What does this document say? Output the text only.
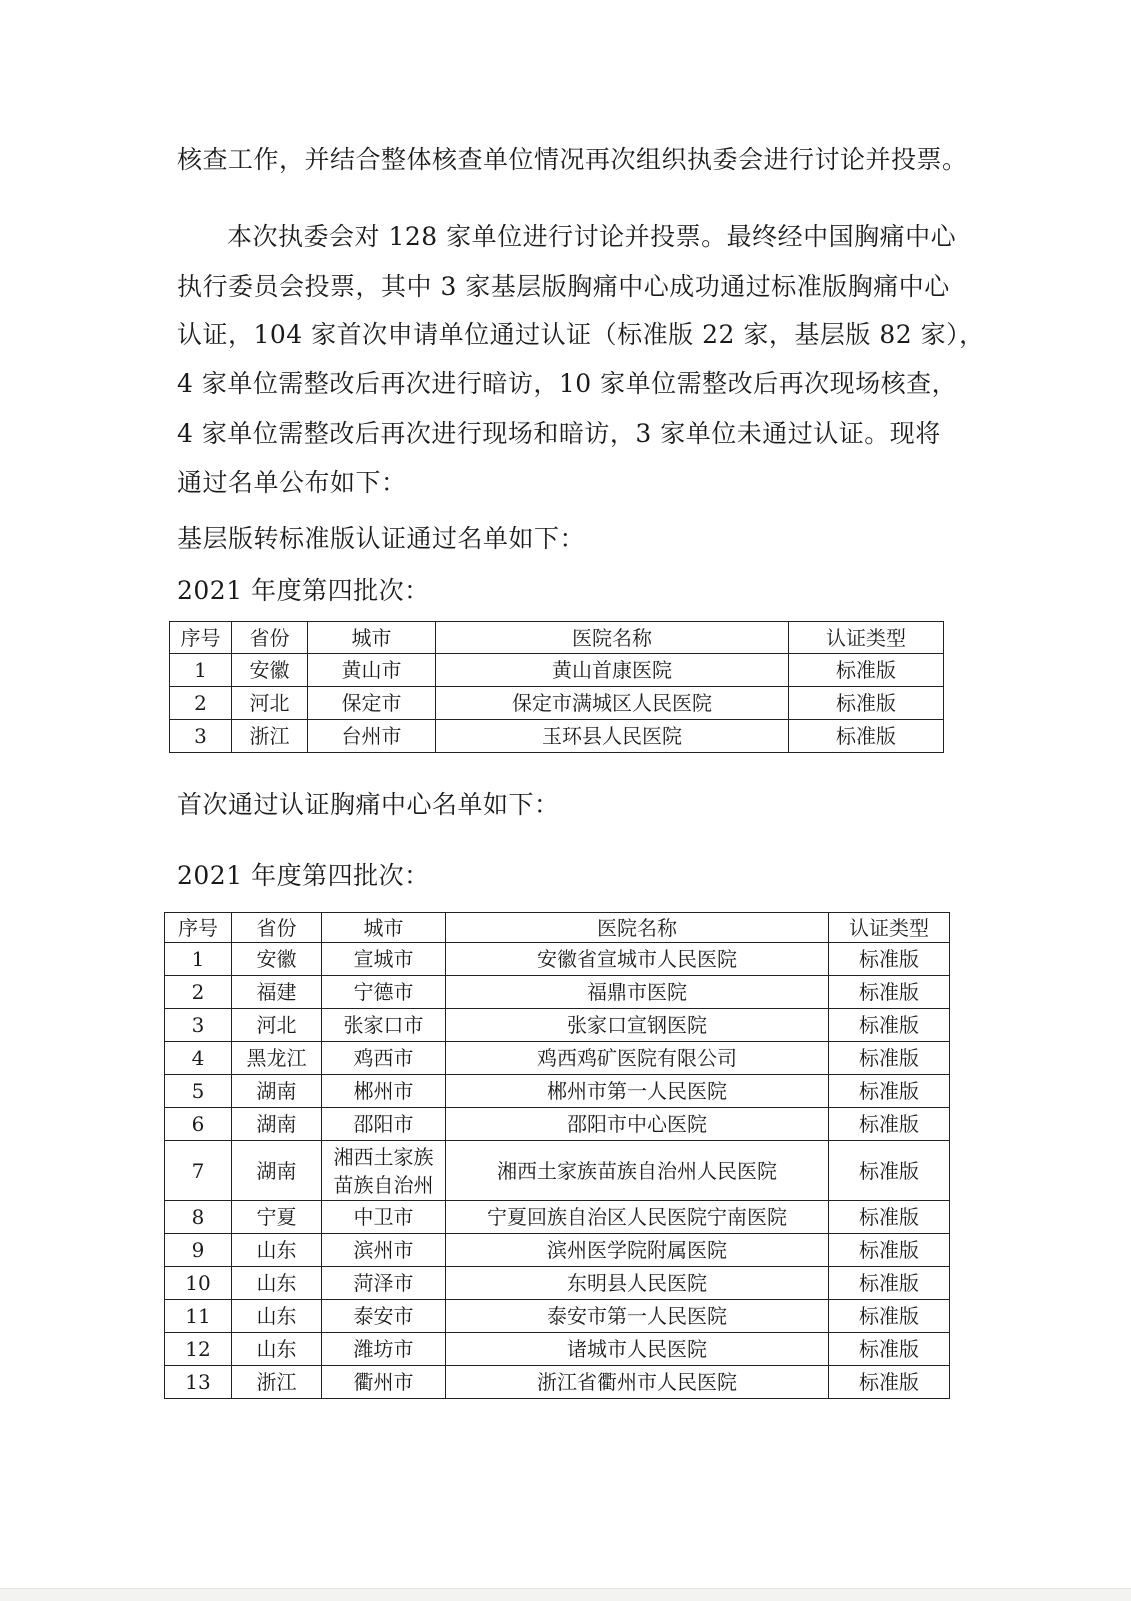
核查工作，并结合整体核查单位情况再次组织执委会进行讨论并投票。

本次执委会对 128 家单位进行讨论并投票。最终经中国胸痛中心

执行委员会投票，其中 3 家基层版胸痛中心成功通过标准版胸痛中心

认证，104 家首次申请单位通过认证（标准版 22 家，基层版 82 家），

4 家单位需整改后再次进行暗访，10 家单位需整改后再次现场核查，

4 家单位需整改后再次进行现场和暗访，3 家单位未通过认证。现将

通过名单公布如下：

基层版转标准版认证通过名单如下：

2021 年度第四批次：

序号	省份	城市	医院名称	认证类型
1	安徽	黄山市	黄山首康医院	标准版
2	河北	保定市	保定市满城区人民医院	标准版
3	浙江	台州市	玉环县人民医院	标准版

首次通过认证胸痛中心名单如下：

2021 年度第四批次：

序号	省份	城市	医院名称	认证类型
1	安徽	宣城市	安徽省宣城市人民医院	标准版
2	福建	宁德市	福鼎市医院	标准版
3	河北	张家口市	张家口宣钢医院	标准版
4	黑龙江	鸡西市	鸡西鸡矿医院有限公司	标准版
5	湖南	郴州市	郴州市第一人民医院	标准版
6	湖南	邵阳市	邵阳市中心医院	标准版
7	湖南	湘西土家族苗族自治州	湘西土家族苗族自治州人民医院	标准版
8	宁夏	中卫市	宁夏回族自治区人民医院宁南医院	标准版
9	山东	滨州市	滨州医学院附属医院	标准版
10	山东	菏泽市	东明县人民医院	标准版
11	山东	泰安市	泰安市第一人民医院	标准版
12	山东	潍坊市	诸城市人民医院	标准版
13	浙江	衢州市	浙江省衢州市人民医院	标准版
